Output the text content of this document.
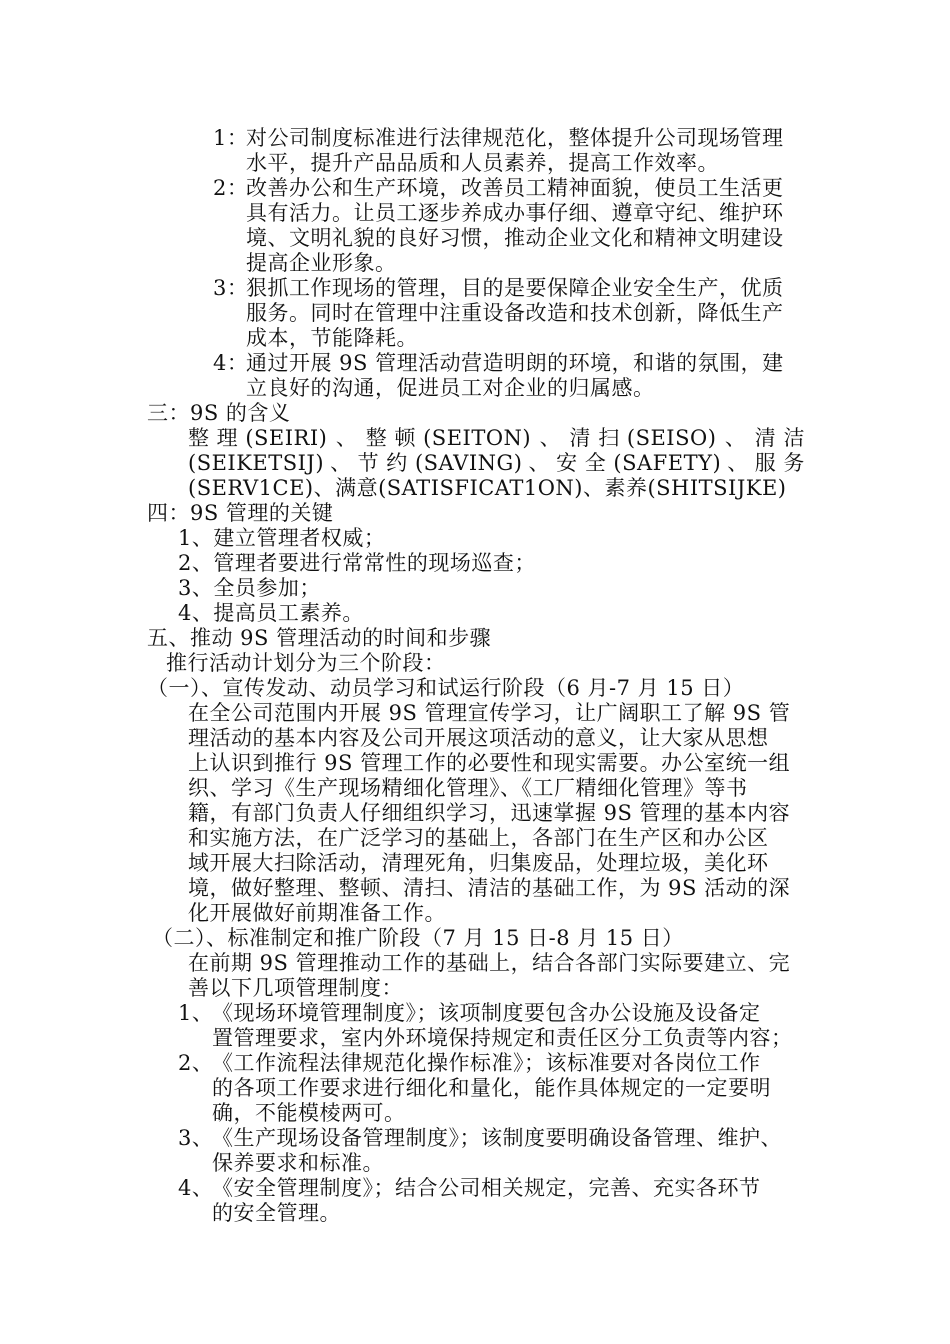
1：
对公司制度标准进行法律规范化，整体提升公司现场管理
水平，提升产品品质和人员素养，提高工作效率。
2：
改善办公和生产环境，改善员工精神面貌，使员工生活更
具有活力。让员工逐步养成办事仔细、遵章守纪、维护环
境、文明礼貌的良好习惯，推动企业文化和精神文明建设
提高企业形象。
3：
狠抓工作现场的管理，目的是要保障企业安全生产，优质
服务。同时在管理中注重设备改造和技术创新，降低生产
成本，节能降耗。
4：
通过开展 9S 管理活动营造明朗的环境，和谐的氛围，建
立良好的沟通，促进员工对企业的归属感。
三：9S 的含义
整 理 (SEIRI) 、 整 顿 (SEITON) 、 清 扫 (SEISO) 、 清 洁
(SEIKETSIJ) 、 节 约 (SAVING) 、 安 全 (SAFETY) 、 服 务
(SERV1CE)、满意(SATISFICAT1ON)、素养(SHITSIJKE)
四：9S 管理的关键
1、建立管理者权威；
2、管理者要进行常常性的现场巡查；
3、全员参加；
4、提高员工素养。
五、推动 9S 管理活动的时间和步骤
推行活动计划分为三个阶段：
（一）、宣传发动、动员学习和试运行阶段（6 月-7 月 15 日）
在全公司范围内开展 9S 管理宣传学习，让广阔职工了解 9S 管
理活动的基本内容及公司开展这项活动的意义，让大家从思想
上认识到推行 9S 管理工作的必要性和现实需要。办公室统一组
织、学习《生产现场精细化管理》、《工厂精细化管理》等书
籍，有部门负责人仔细组织学习，迅速掌握 9S 管理的基本内容
和实施方法，在广泛学习的基础上，各部门在生产区和办公区
域开展大扫除活动，清理死角，归集废品，处理垃圾，美化环
境，做好整理、整顿、清扫、清洁的基础工作，为 9S 活动的深
化开展做好前期准备工作。
（二）、标准制定和推广阶段（7 月 15 日-8 月 15 日）
在前期 9S 管理推动工作的基础上，结合各部门实际要建立、完
善以下几项管理制度：
1、
《现场环境管理制度》；该项制度要包含办公设施及设备定
置管理要求，室内外环境保持规定和责任区分工负责等内容；
2、
《工作流程法律规范化操作标准》；该标准要对各岗位工作
的各项工作要求进行细化和量化，能作具体规定的一定要明
确，不能模棱两可。
3、
《生产现场设备管理制度》；该制度要明确设备管理、维护、
保养要求和标准。
4、
《安全管理制度》；结合公司相关规定，完善、充实各环节
的安全管理。
